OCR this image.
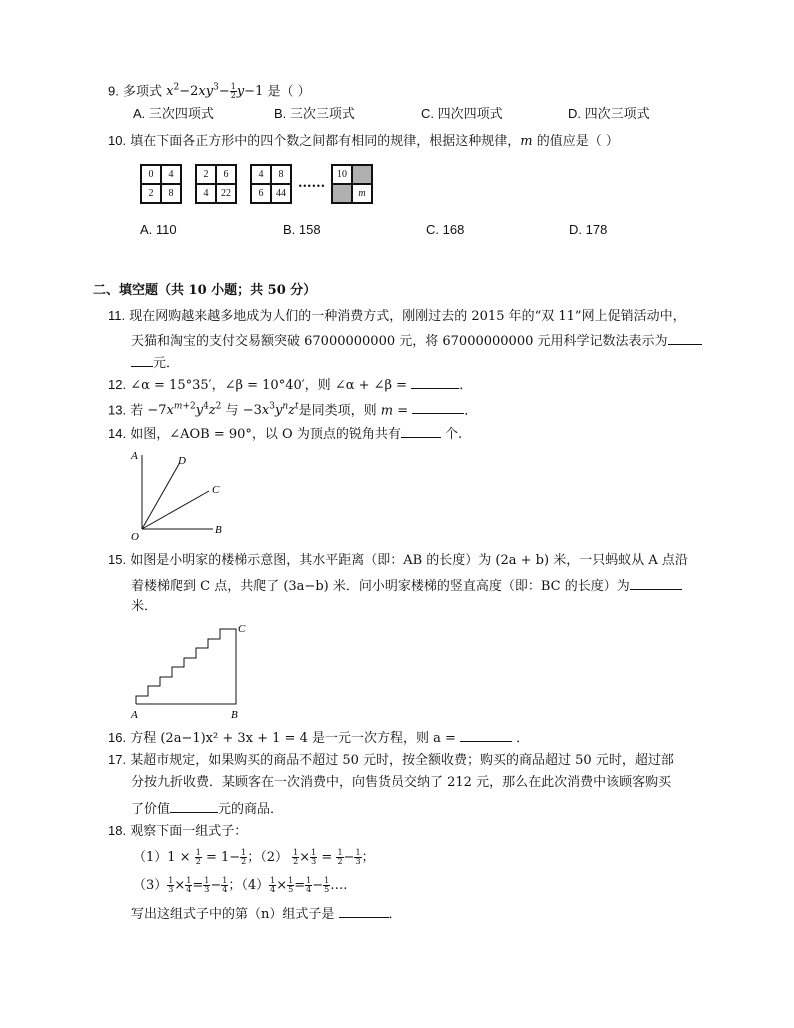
9. 多项式 $x^2-2xy^3- \frac{1}{2} y-1$ 是（ ）
A. 三次四项式	B. 三次三项式	C. 四次四项式	D. 四次三项式
10. 填在下面各正方形中的四个数之间都有相同的规律，根据这种规律，m 的值应是（ ）
0	4
2	8
2	6
4	22
4	8
6	44
......
10
m
A. 110	B. 158	C. 168	D. 178
二、填空题（共 10 小题；共 50 分）
11. 现在网购越来越多地成为人们的一种消费方式，刚刚过去的 2015 年的“双 11”网上促销活动中，
天猫和淘宝的支付交易额突破 67000000000 元，将 67000000000 元用科学记数法表示为
元．
12. ∠α = 15°35′，∠β = 10°40′，则 ∠α + ∠β =	．
13. 若 $-7x^{m+2}y^4z^2$ 与 $-3x^3y^nz^t$是同类项，则 m =	．
14. 如图，∠AOB = 90°，以 O 为顶点的锐角共有	个.
A	D
C
B
O
15. 如图是小明家的楼梯示意图，其水平距离（即：AB 的长度）为 (2a + b) 米，一只蚂蚁从 A 点沿
着楼梯爬到 C 点，共爬了 (3a−b) 米．问小明家楼梯的竖直高度（即：BC 的长度）为
米．
A	B
C
16. 方程 (2a−1)x² + 3x + 1 = 4 是一元一次方程，则 a =	．
17. 某超市规定，如果购买的商品不超过 50 元时，按全额收费；购买的商品超过 50 元时，超过部
分按九折收费．某顾客在一次消费中，向售货员交纳了 212 元，那么在此次消费中该顾客购买
了价值	元的商品．
18. 观察下面一组式子：
$(1)1 \times \frac{1}{2} = 1- \frac{1}{2}$ ；$(2) \frac{1}{2} \times \frac{1}{3} = \frac{1}{2} - \frac{1}{3}$ ；
$(3) \frac{1}{3} \times \frac{1}{4} = \frac{1}{3} - \frac{1}{4}$ ；$(4) \frac{1}{4} \times \frac{1}{5} = \frac{1}{4} - \frac{1}{5}$ ….
写出这组式子中的第（n）组式子是	．
